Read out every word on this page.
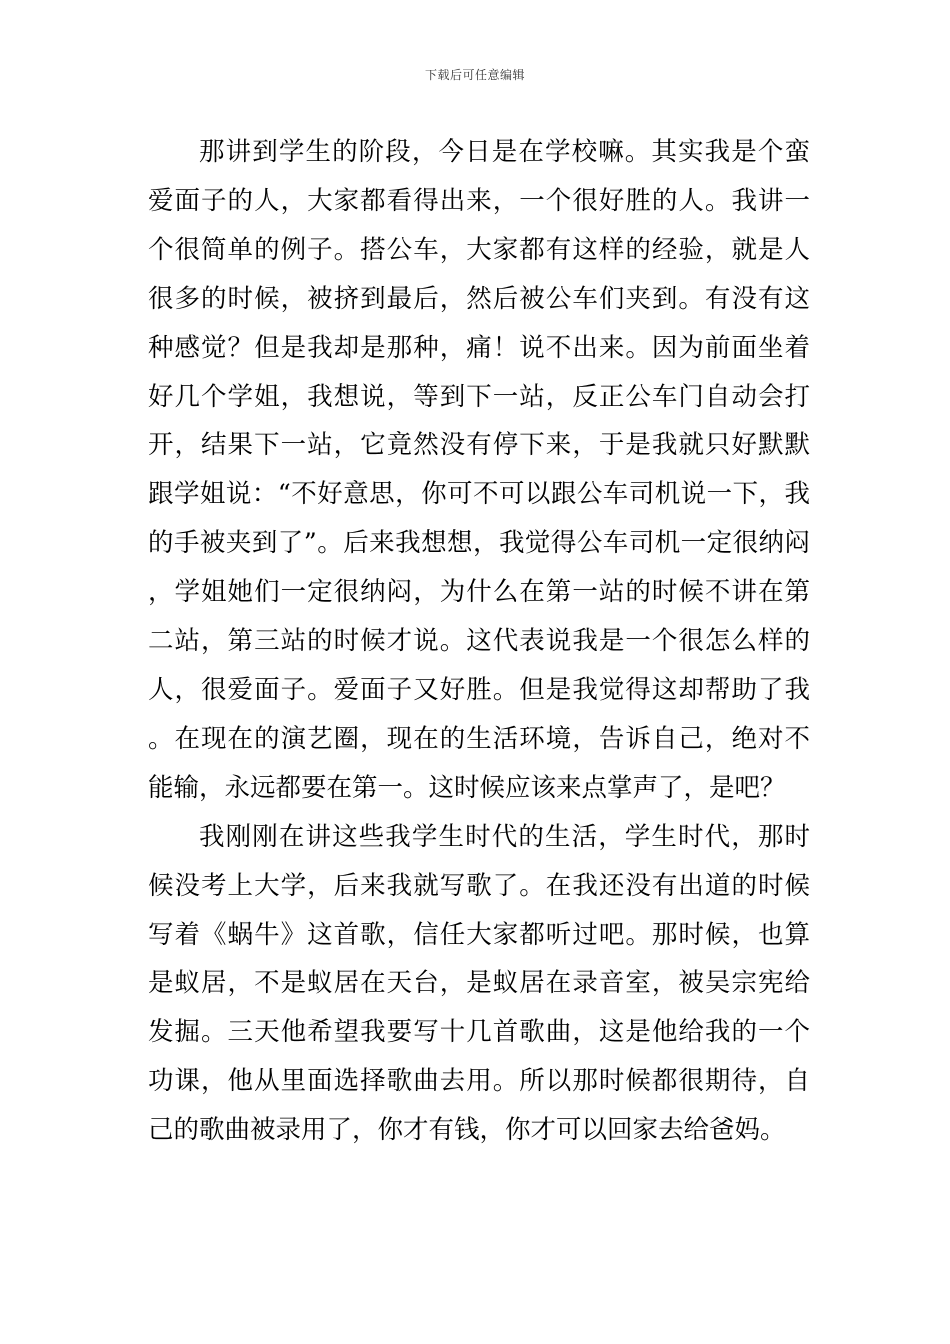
下载后可任意编辑

那讲到学生的阶段，今日是在学校嘛。其实我是个蛮爱面子的人，大家都看得出来，一个很好胜的人。我讲一个很简单的例子。搭公车，大家都有这样的经验，就是人很多的时候，被挤到最后，然后被公车们夹到。有没有这种感觉？但是我却是那种，痛！说不出来。因为前面坐着好几个学姐，我想说，等到下一站，反正公车门自动会打开，结果下一站，它竟然没有停下来，于是我就只好默默跟学姐说：“不好意思，你可不可以跟公车司机说一下，我的手被夹到了”。后来我想想，我觉得公车司机一定很纳闷，学姐她们一定很纳闷，为什么在第一站的时候不讲在第二站，第三站的时候才说。这代表说我是一个很怎么样的人，很爱面子。爱面子又好胜。但是我觉得这却帮助了我。在现在的演艺圈，现在的生活环境，告诉自己，绝对不能输，永远都要在第一。这时候应该来点掌声了，是吧？

我刚刚在讲这些我学生时代的生活，学生时代，那时候没考上大学，后来我就写歌了。在我还没有出道的时候写着《蜗牛》这首歌，信任大家都听过吧。那时候，也算是蚁居，不是蚁居在天台，是蚁居在录音室，被吴宗宪给发掘。三天他希望我要写十几首歌曲，这是他给我的一个功课，他从里面选择歌曲去用。所以那时候都很期待，自己的歌曲被录用了，你才有钱，你才可以回家去给爸妈。
